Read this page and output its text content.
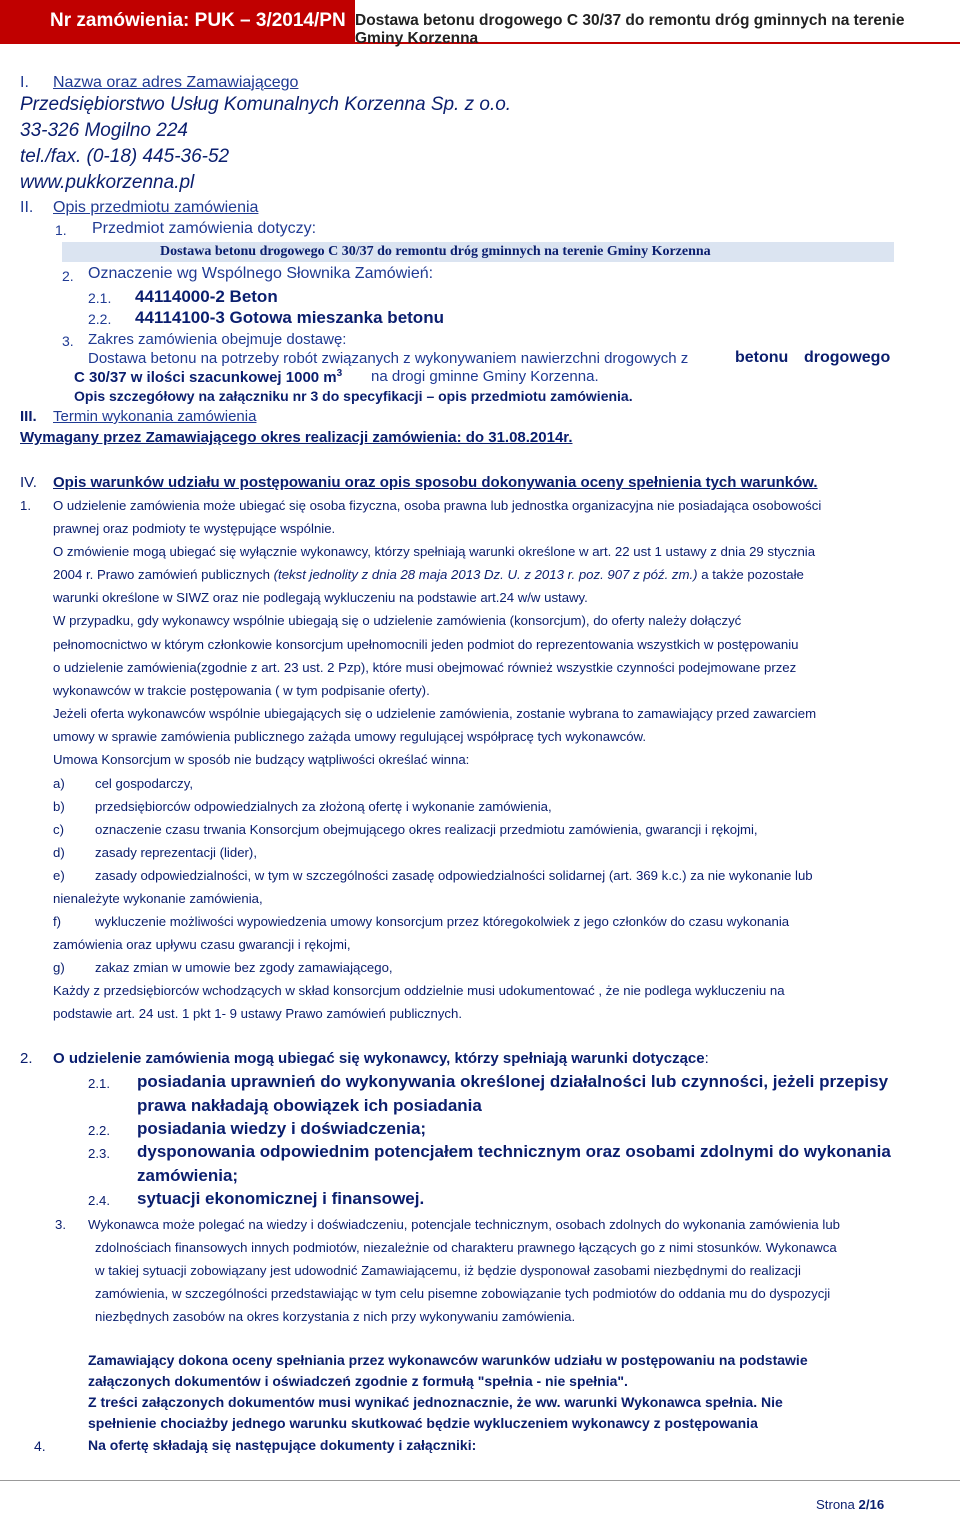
Nr zamówienia: PUK – 3/2014/PN Dostawa betonu drogowego C 30/37 do remontu dróg gminnych na terenie Gminy Korzenna
I. Nazwa oraz adres Zamawiającego
Przedsiębiorstwo Usług Komunalnych Korzenna Sp. z o.o.
33-326 Mogilno 224
tel./fax. (0-18) 445-36-52
www.pukkorzenna.pl
II. Opis przedmiotu zamówienia
1. Przedmiot zamówienia dotyczy:
Dostawa betonu drogowego C 30/37 do remontu dróg gminnych na terenie Gminy Korzenna
2. Oznaczenie wg Wspólnego Słownika Zamówień:
2.1. 44114000-2 Beton
2.2. 44114100-3 Gotowa mieszanka betonu
3. Zakres zamówienia obejmuje dostawę:
Dostawa betonu na potrzeby robót związanych z wykonywaniem nawierzchni drogowych z	betonu drogowego
C 30/37 w ilości szacunkowej 1000 $m^3$ na drogi gminne Gminy Korzenna.
Opis szczegółowy na załączniku nr 3 do specyfikacji – opis przedmiotu zamówienia.
III. Termin wykonania zamówienia
Wymagany przez Zamawiającego okres realizacji zamówienia: do 31.08.2014r.
IV. Opis warunków udziału w postępowaniu oraz opis sposobu dokonywania oceny spełnienia tych warunków.
1. O udzielenie zamówienia może ubiegać się osoba fizyczna, osoba prawna lub jednostka organizacyjna nie posiadająca osobowości
prawnej oraz podmioty te występujące wspólnie.
O zmówienie mogą ubiegać się wyłącznie wykonawcy, którzy spełniają warunki określone w art. 22 ust 1 ustawy z dnia 29 stycznia
2004 r. Prawo zamówień publicznych (tekst jednolity z dnia 28 maja 2013 Dz. U. z 2013 r. poz. 907 z póź. zm.) a także pozostałe
warunki określone w SIWZ oraz nie podlegają wykluczeniu na podstawie art.24 w/w ustawy.
W przypadku, gdy wykonawcy wspólnie ubiegają się o udzielenie zamówienia (konsorcjum), do oferty należy dołączyć
pełnomocnictwo w którym członkowie konsorcjum upełnomocnili jeden podmiot do reprezentowania wszystkich w postępowaniu
o udzielenie zamówienia(zgodnie z art. 23 ust. 2 Pzp), które musi obejmować również wszystkie czynności podejmowane przez
wykonawców w trakcie postępowania ( w tym podpisanie oferty).
Jeżeli oferta wykonawców wspólnie ubiegających się o udzielenie zamówienia, zostanie wybrana to zamawiający przed zawarciem
umowy w sprawie zamówienia publicznego zażąda umowy regulującej współpracę tych wykonawców.
Umowa Konsorcjum w sposób nie budzący wątpliwości określać winna:
a) cel gospodarczy,
b) przedsiębiorców odpowiedzialnych za złożoną ofertę i wykonanie zamówienia,
c) oznaczenie czasu trwania Konsorcjum obejmującego okres realizacji przedmiotu zamówienia, gwarancji i rękojmi,
d) zasady reprezentacji (lider),
e) zasady odpowiedzialności, w tym w szczególności zasadę odpowiedzialności solidarnej (art. 369 k.c.) za nie wykonanie lub
nienależyte wykonanie zamówienia,
f)	wykluczenie możliwości wypowiedzenia umowy konsorcjum przez któregokolwiek z jego członków do czasu wykonania
zamówienia oraz upływu czasu gwarancji i rękojmi,
g) zakaz zmian w umowie bez zgody zamawiającego,
Każdy z przedsiębiorców wchodzących w skład konsorcjum oddzielnie musi udokumentować , że nie podlega wykluczeniu na
podstawie art. 24 ust. 1 pkt 1- 9 ustawy Prawo zamówień publicznych.
2. O udzielenie zamówienia mogą ubiegać się wykonawcy, którzy spełniają warunki dotyczące:
2.1. posiadania uprawnień do wykonywania określonej działalności lub czynności, jeżeli przepisy
prawa nakładają obowiązek ich posiadania
2.2. posiadania wiedzy i doświadczenia;
2.3. dysponowania odpowiednim potencjałem technicznym oraz osobami zdolnymi do wykonania
zamówienia;
2.4. sytuacji ekonomicznej i finansowej.
3. Wykonawca może polegać na wiedzy i doświadczeniu, potencjale technicznym, osobach zdolnych do wykonania zamówienia lub
zdolnościach finansowych innych podmiotów, niezależnie od charakteru prawnego łączących go z nimi stosunków. Wykonawca
w takiej sytuacji zobowiązany jest udowodnić Zamawiającemu, iż będzie dysponował zasobami niezbędnymi do realizacji
zamówienia, w szczególności przedstawiając w tym celu pisemne zobowiązanie tych podmiotów do oddania mu do dyspozycji
niezbędnych zasobów na okres korzystania z nich przy wykonywaniu zamówienia.
Zamawiający dokona oceny spełniania przez wykonawców warunków udziału w postępowaniu na podstawie
załączonych dokumentów i oświadczeń zgodnie z formułą "spełnia - nie spełnia".
Z treści załączonych dokumentów musi wynikać jednoznacznie, że ww. warunki Wykonawca spełnia. Nie
spełnienie chociażby jednego warunku skutkować będzie wykluczeniem wykonawcy z postępowania
4.	Na ofertę składają się następujące dokumenty i załączniki:
Strona 2/16
